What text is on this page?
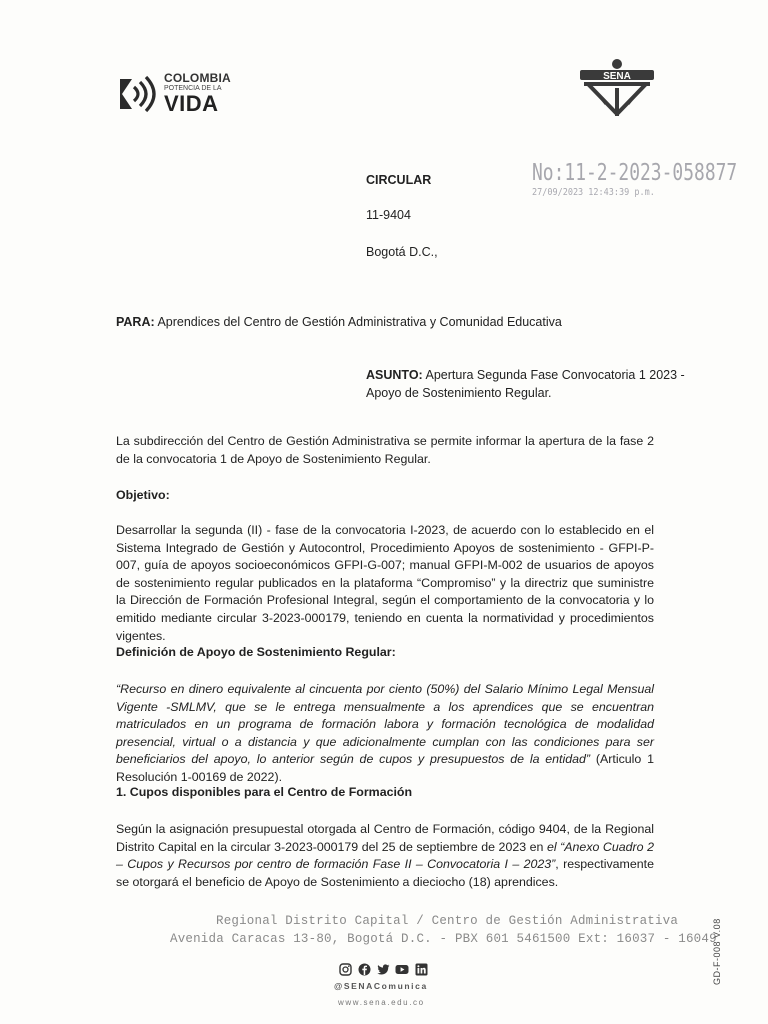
COLOMBIA
POTENCIA DE LA
VIDA
SENA
No:11-2-2023-058877
27/09/2023 12:43:39 p.m.
CIRCULAR
11-9404
Bogotá D.C.,
PARA: Aprendices del Centro de Gestión Administrativa y Comunidad Educativa
ASUNTO: Apertura Segunda Fase Convocatoria 1 2023 -
Apoyo de Sostenimiento Regular.
La subdirección del Centro de Gestión Administrativa se permite informar la apertura de la fase 2 de la convocatoria 1 de Apoyo de Sostenimiento Regular.
Objetivo:
Desarrollar la segunda (II) - fase de la convocatoria I-2023, de acuerdo con lo establecido en el Sistema Integrado de Gestión y Autocontrol, Procedimiento Apoyos de sostenimiento - GFPI-P-007, guía de apoyos socioeconómicos GFPI-G-007; manual GFPI-M-002 de usuarios de apoyos de sostenimiento regular publicados en la plataforma “Compromiso” y la directriz que suministre la Dirección de Formación Profesional Integral, según el comportamiento de la convocatoria y lo emitido mediante circular 3-2023-000179, teniendo en cuenta la normatividad y procedimientos vigentes.
Definición de Apoyo de Sostenimiento Regular:
“Recurso en dinero equivalente al cincuenta por ciento (50%) del Salario Mínimo Legal Mensual Vigente -SMLMV, que se le entrega mensualmente a los aprendices que se encuentran matriculados en un programa de formación labora y formación tecnológica de modalidad presencial, virtual o a distancia y que adicionalmente cumplan con las condiciones para ser beneficiarios del apoyo, lo anterior según de cupos y presupuestos de la entidad” (Articulo 1 Resolución 1-00169 de 2022).
1. Cupos disponibles para el Centro de Formación
Según la asignación presupuestal otorgada al Centro de Formación, código 9404, de la Regional Distrito Capital en la circular 3-2023-000179 del 25 de septiembre de 2023 en el “Anexo Cuadro 2 – Cupos y Recursos por centro de formación Fase II – Convocatoria I – 2023”, respectivamente se otorgará el beneficio de Apoyo de Sostenimiento a dieciocho (18) aprendices.
Regional Distrito Capital / Centro de Gestión Administrativa
Avenida Caracas 13-80, Bogotá D.C. - PBX 601 5461500 Ext: 16037 - 16049
@SENAComunica
www.sena.edu.co
GD-F-008 V.08
